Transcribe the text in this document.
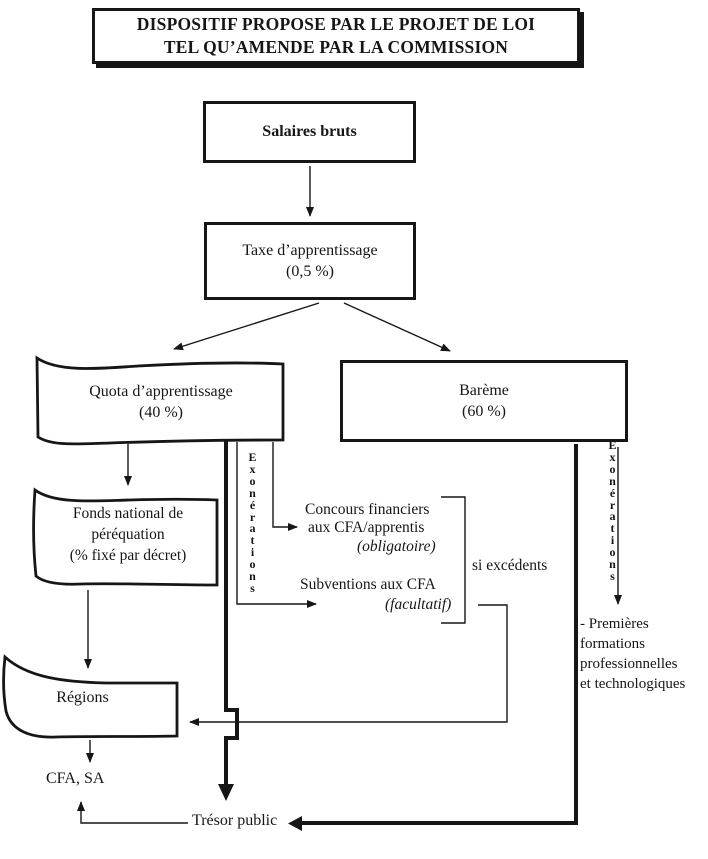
DISPOSITIF PROPOSE PAR LE PROJET DE LOI
TEL QU’AMENDE PAR LA COMMISSION
Salaires bruts
Taxe d’apprentissage
(0,5 %)
Barème
(60 %)
Quota d’apprentissage
(40 %)
Fonds national de
péréquation
(% fixé par décret)
Régions
CFA, SA
Trésor public
Concours financiers
aux CFA/apprentis
(obligatoire)
Subventions aux CFA
(facultatif)
si excédents
- Premières
formations
professionnelles
et technologiques
E
x
o
n
é
r
a
t
i
o
n
s
E
x
o
n
é
r
a
t
i
o
n
s
